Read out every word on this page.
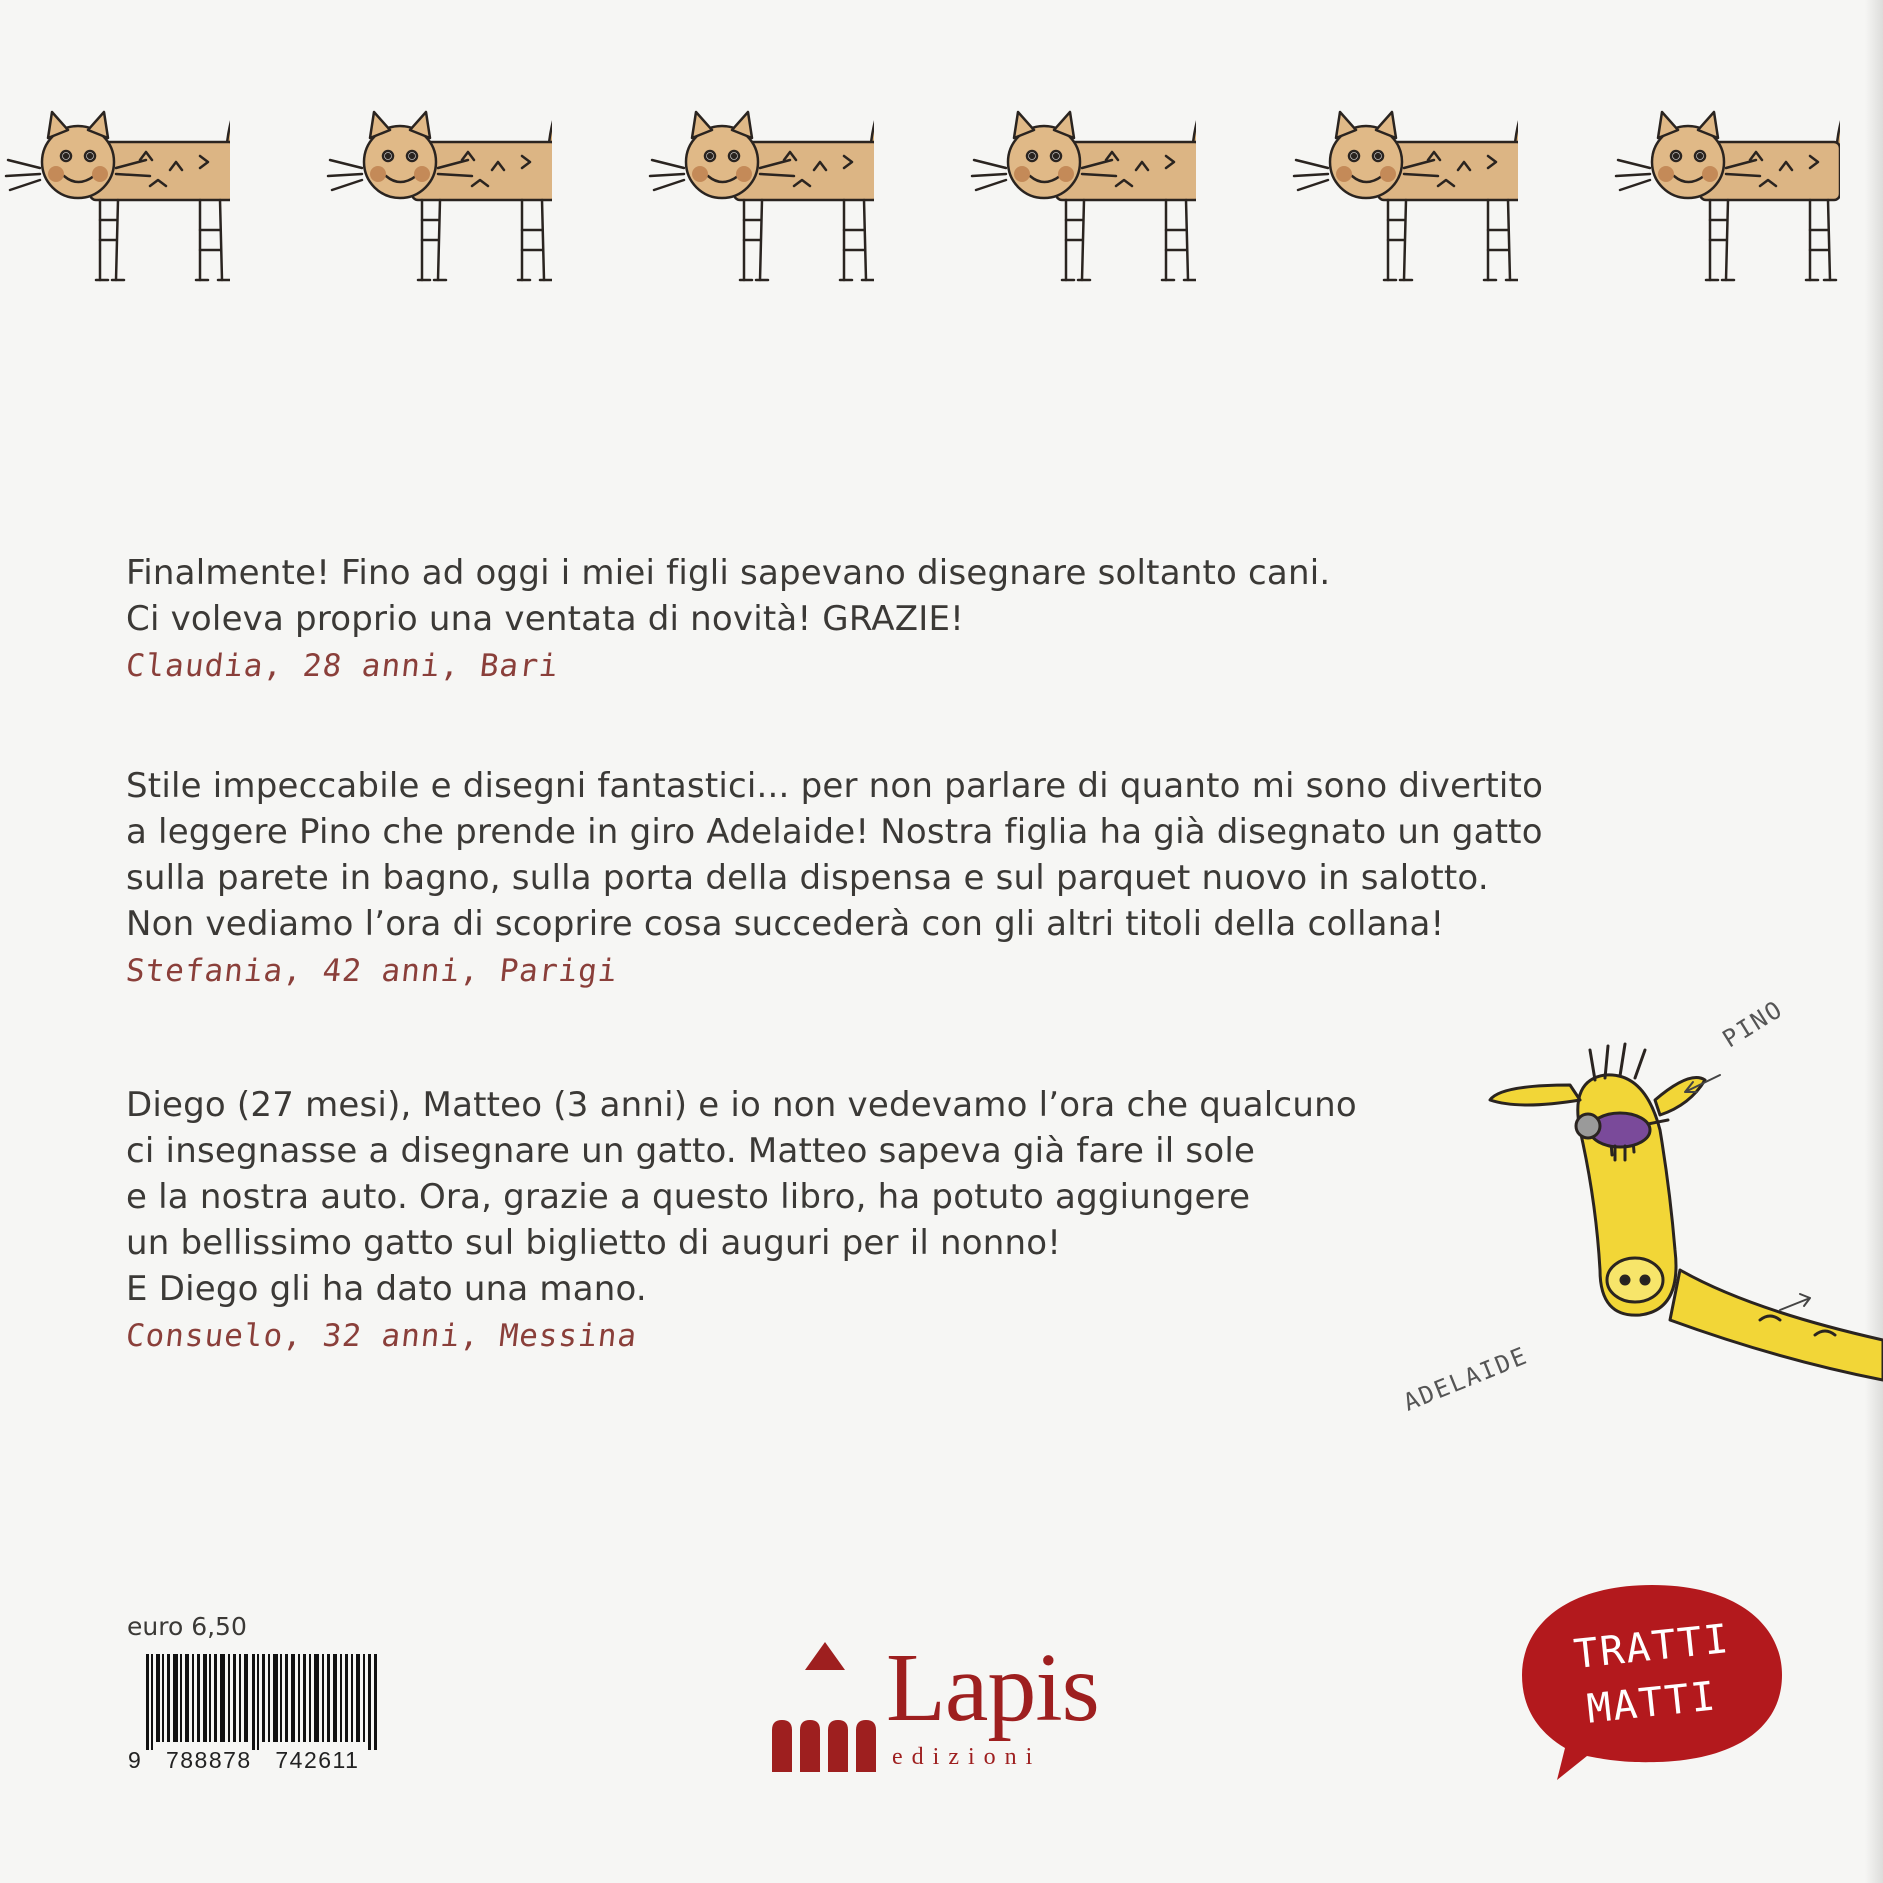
Finalmente! Fino ad oggi i miei figli sapevano disegnare soltanto cani.

Ci voleva proprio una ventata di novità! GRAZIE!

Claudia, 28 anni, Bari

Stile impeccabile e disegni fantastici... per non parlare di quanto mi sono divertito

a leggere Pino che prende in giro Adelaide! Nostra figlia ha già disegnato un gatto

sulla parete in bagno, sulla porta della dispensa e sul parquet nuovo in salotto.

Non vediamo l’ora di scoprire cosa succederà con gli altri titoli della collana!

Stefania, 42 anni, Parigi

Diego (27 mesi), Matteo (3 anni) e io non vedevamo l’ora che qualcuno

ci insegnasse a disegnare un gatto. Matteo sapeva già fare il sole

e la nostra auto. Ora, grazie a questo libro, ha potuto aggiungere

un bellissimo gatto sul biglietto di auguri per il nonno!

E Diego gli ha dato una mano.

Consuelo, 32 anni, Messina
PINO
ADELAIDE
euro 6,50
9   788878   742611
Lapis
edizioni
TRATTI
MATTI
